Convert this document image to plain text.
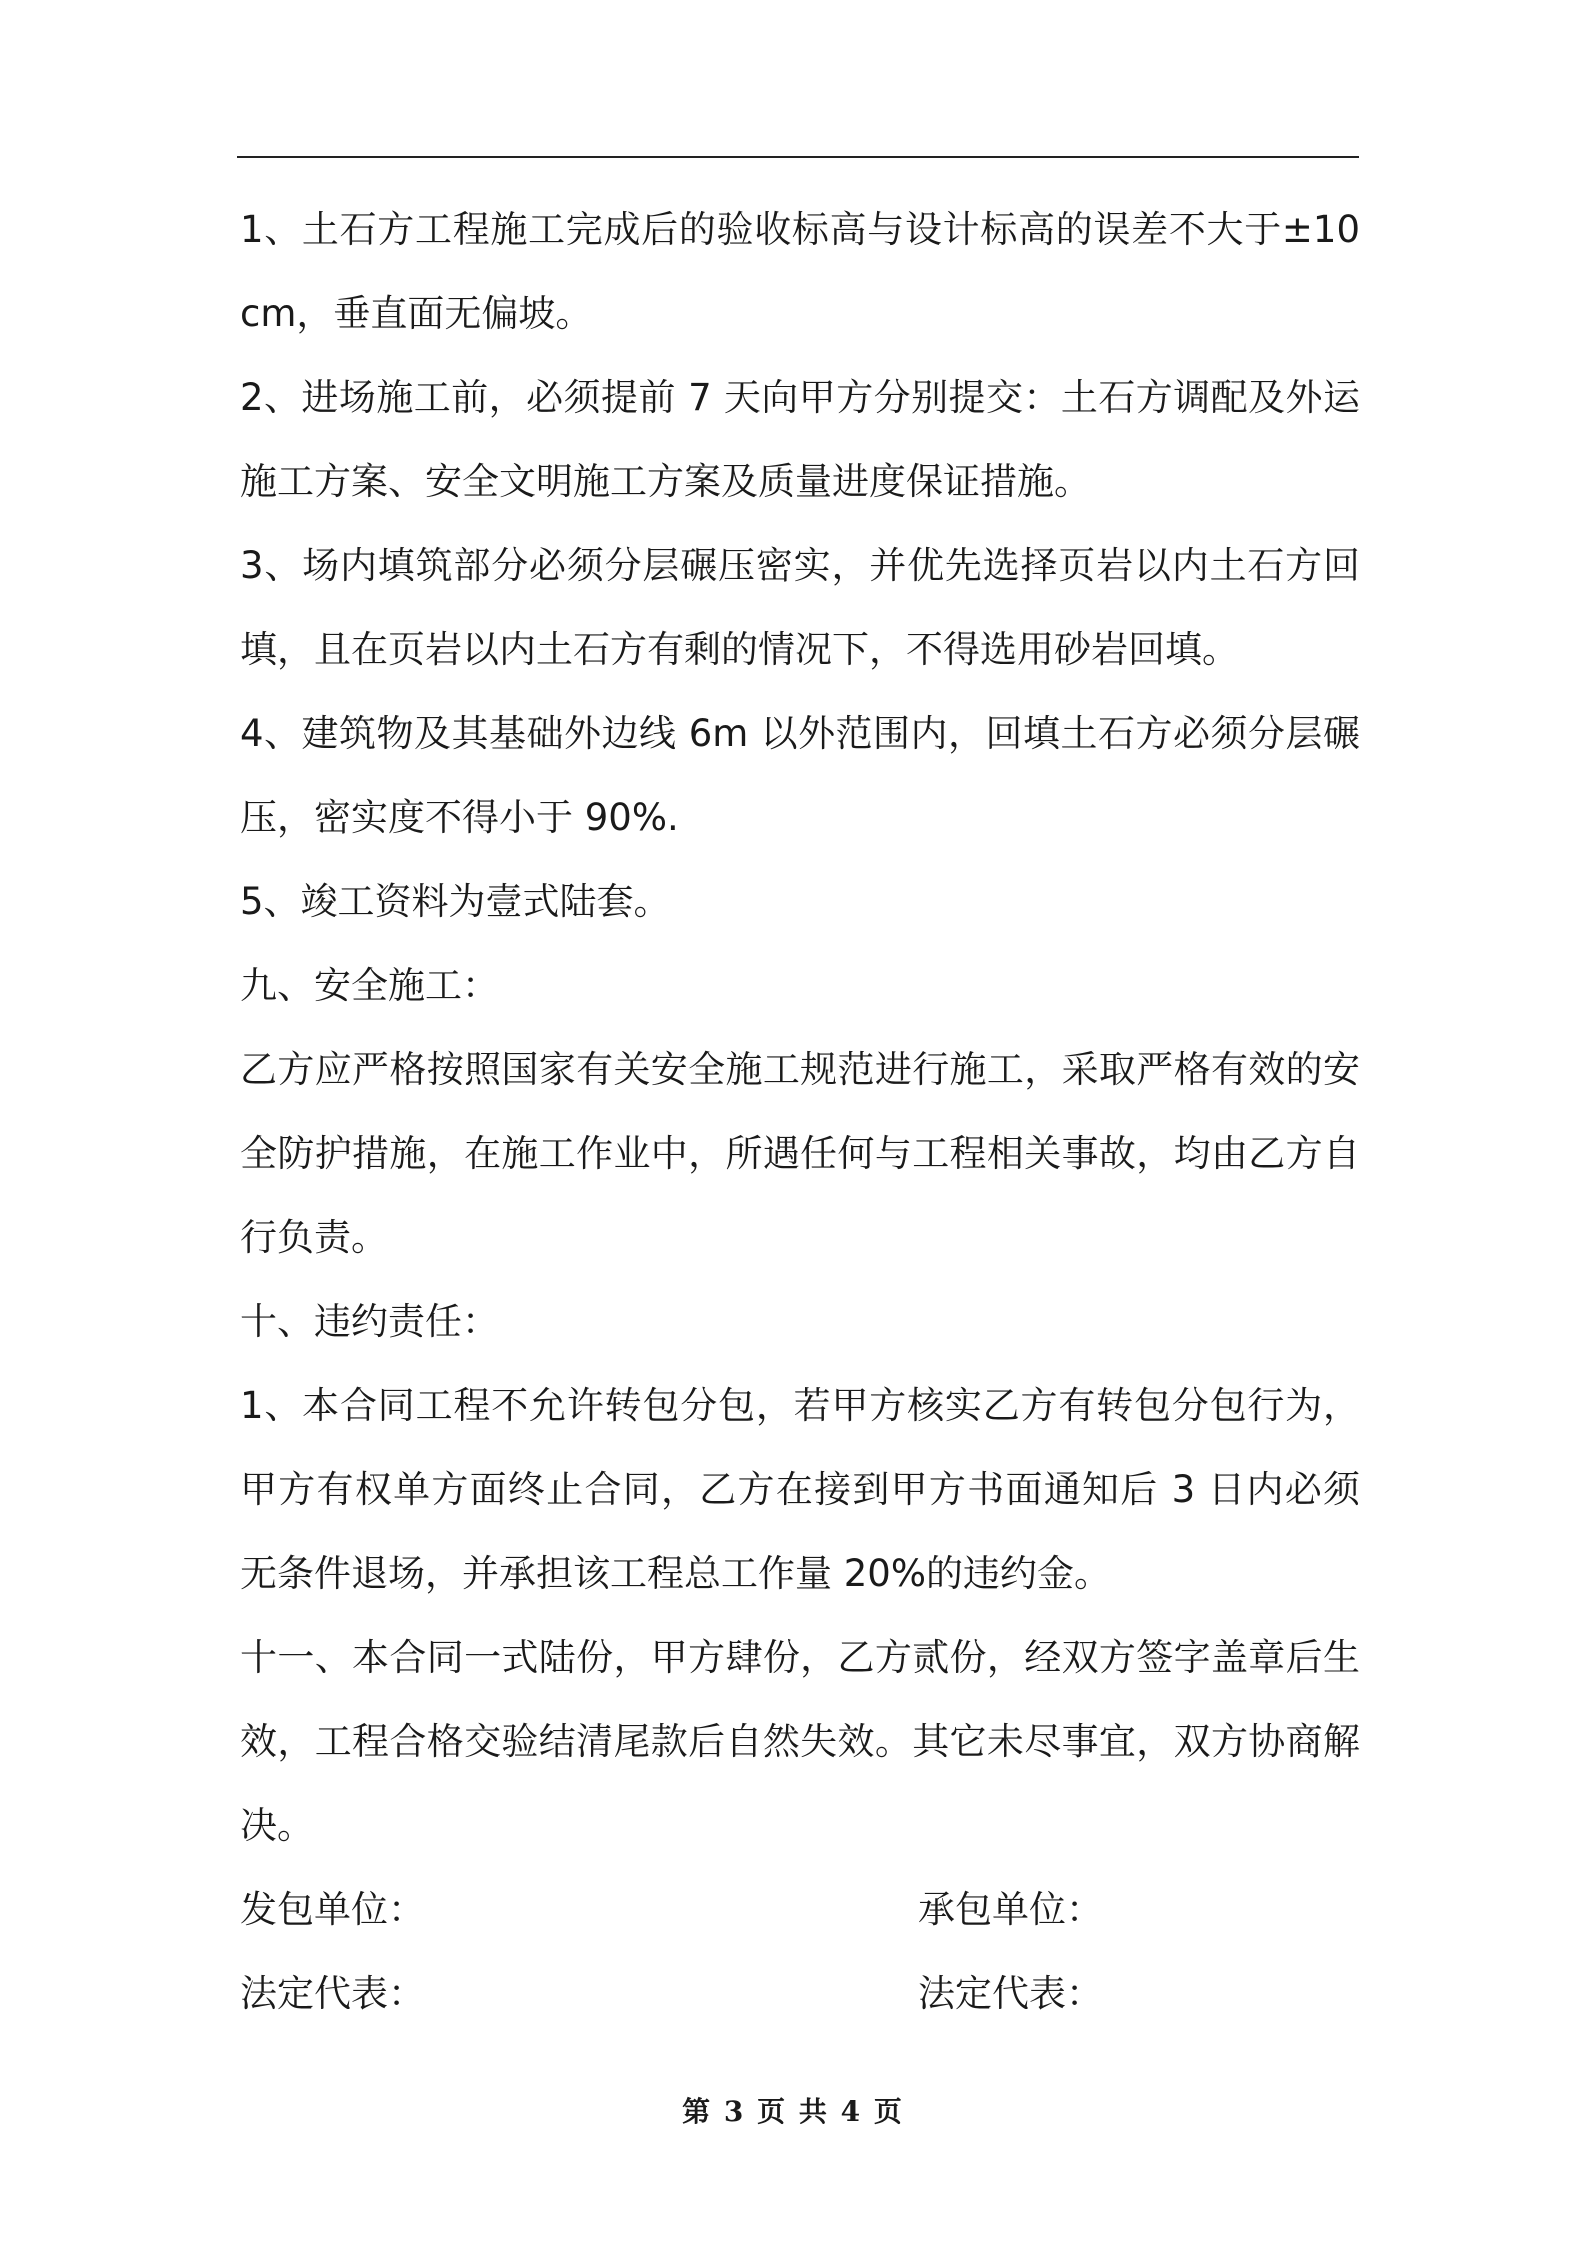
1、土石方工程施工完成后的验收标高与设计标高的误差不大于±10cm，垂直面无偏坡。

2、进场施工前，必须提前 7 天向甲方分别提交：土石方调配及外运施工方案、安全文明施工方案及质量进度保证措施。

3、场内填筑部分必须分层碾压密实，并优先选择页岩以内土石方回填，且在页岩以内土石方有剩的情况下，不得选用砂岩回填。

4、建筑物及其基础外边线 6m 以外范围内，回填土石方必须分层碾压，密实度不得小于 90%.

5、竣工资料为壹式陆套。

九、安全施工：

乙方应严格按照国家有关安全施工规范进行施工，采取严格有效的安全防护措施，在施工作业中，所遇任何与工程相关事故，均由乙方自行负责。

十、违约责任：

1、本合同工程不允许转包分包，若甲方核实乙方有转包分包行为，甲方有权单方面终止合同，乙方在接到甲方书面通知后 3 日内必须无条件退场，并承担该工程总工作量 20%的违约金。

十一、本合同一式陆份，甲方肆份，乙方贰份，经双方签字盖章后生效，工程合格交验结清尾款后自然失效。其它未尽事宜，双方协商解决。

发包单位：	承包单位：
法定代表：	法定代表：
第 3 页 共 4 页
